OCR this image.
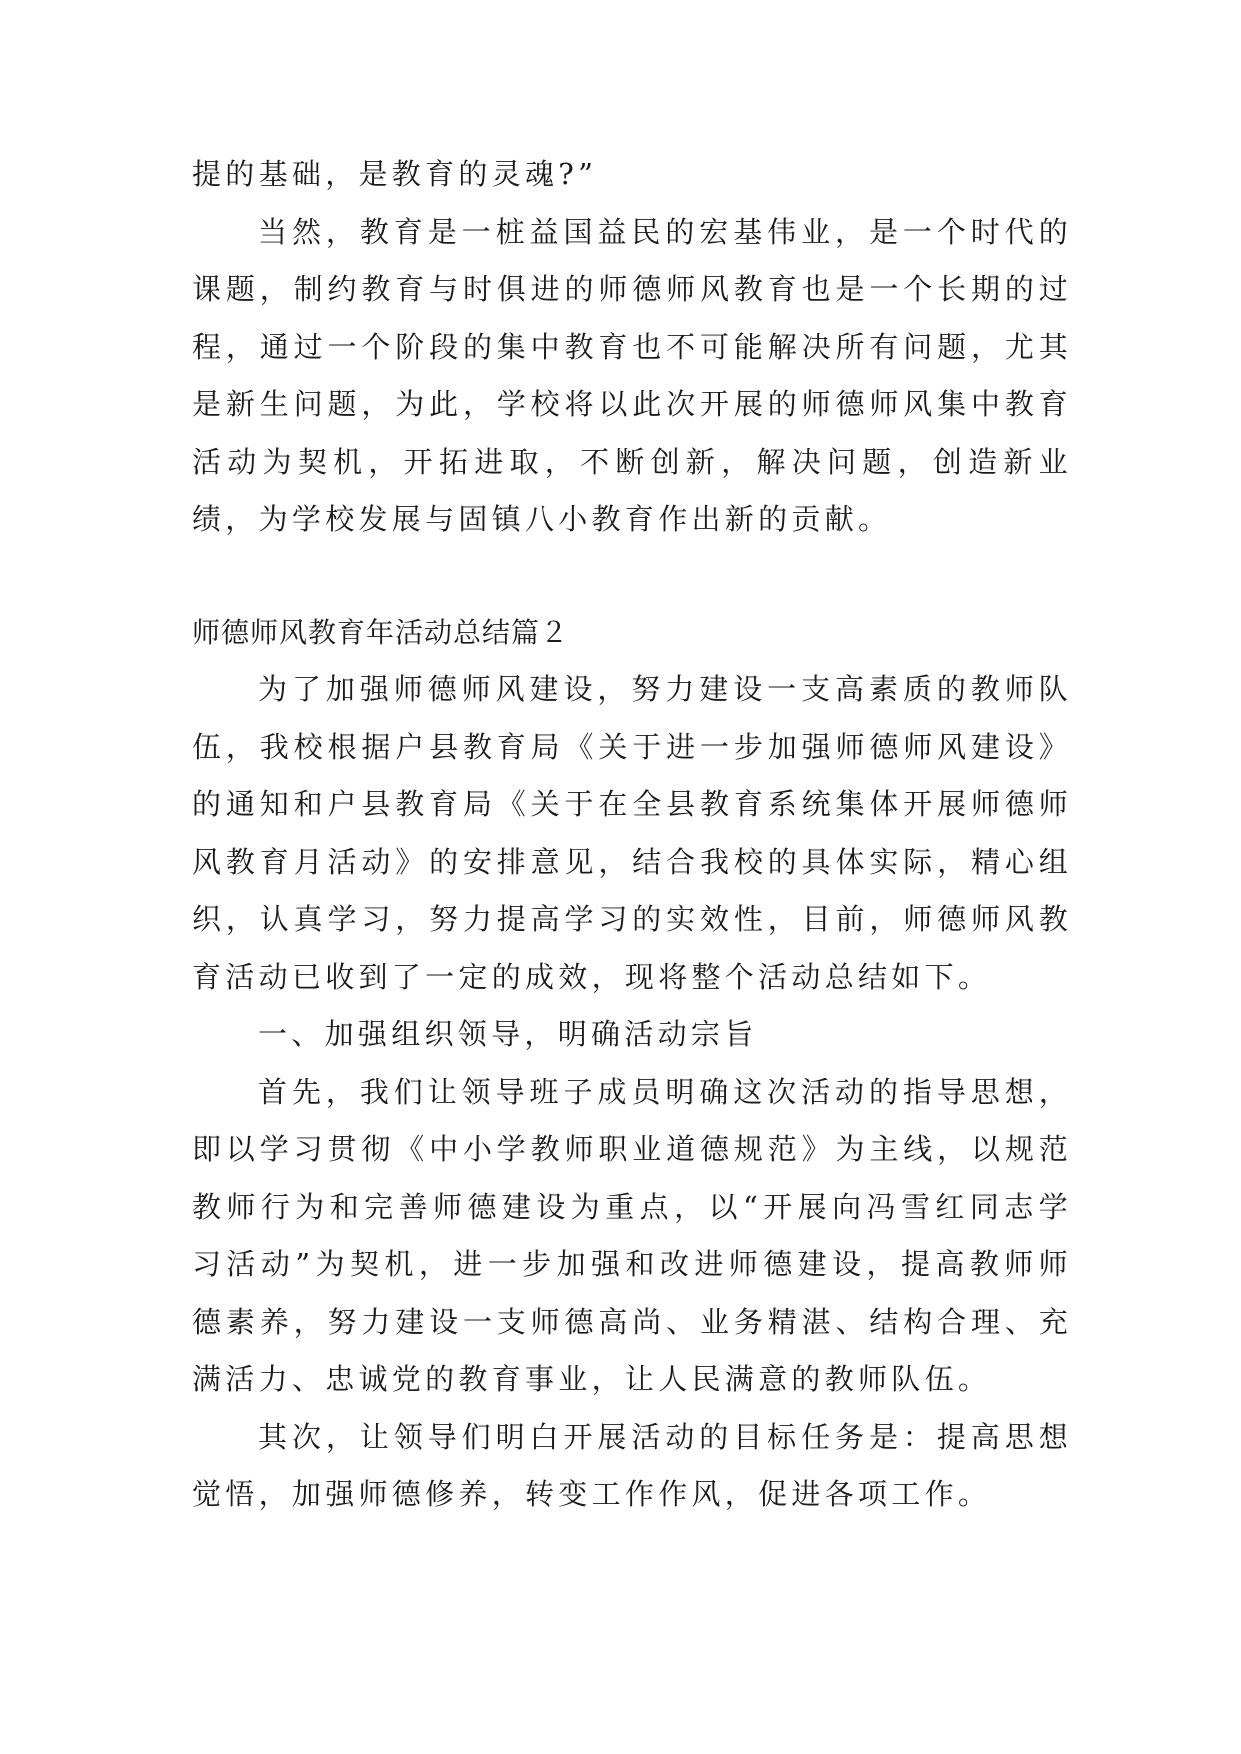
提的基础，是教育的灵魂?”

当然，教育是一桩益国益民的宏基伟业，是一个时代的课题，制约教育与时俱进的师德师风教育也是一个长期的过程，通过一个阶段的集中教育也不可能解决所有问题，尤其是新生问题，为此，学校将以此次开展的师德师风集中教育活动为契机，开拓进取，不断创新，解决问题，创造新业绩，为学校发展与固镇八小教育作出新的贡献。

师德师风教育年活动总结篇２

为了加强师德师风建设，努力建设一支高素质的教师队伍，我校根据户县教育局《关于进一步加强师德师风建设》的通知和户县教育局《关于在全县教育系统集体开展师德师风教育月活动》的安排意见，结合我校的具体实际，精心组织，认真学习，努力提高学习的实效性，目前，师德师风教育活动已收到了一定的成效，现将整个活动总结如下。

一、加强组织领导，明确活动宗旨

首先，我们让领导班子成员明确这次活动的指导思想，即以学习贯彻《中小学教师职业道德规范》为主线，以规范教师行为和完善师德建设为重点，以“开展向冯雪红同志学习活动”为契机，进一步加强和改进师德建设，提高教师师德素养，努力建设一支师德高尚、业务精湛、结构合理、充满活力、忠诚党的教育事业，让人民满意的教师队伍。

其次，让领导们明白开展活动的目标任务是：提高思想觉悟，加强师德修养，转变工作作风，促进各项工作。
